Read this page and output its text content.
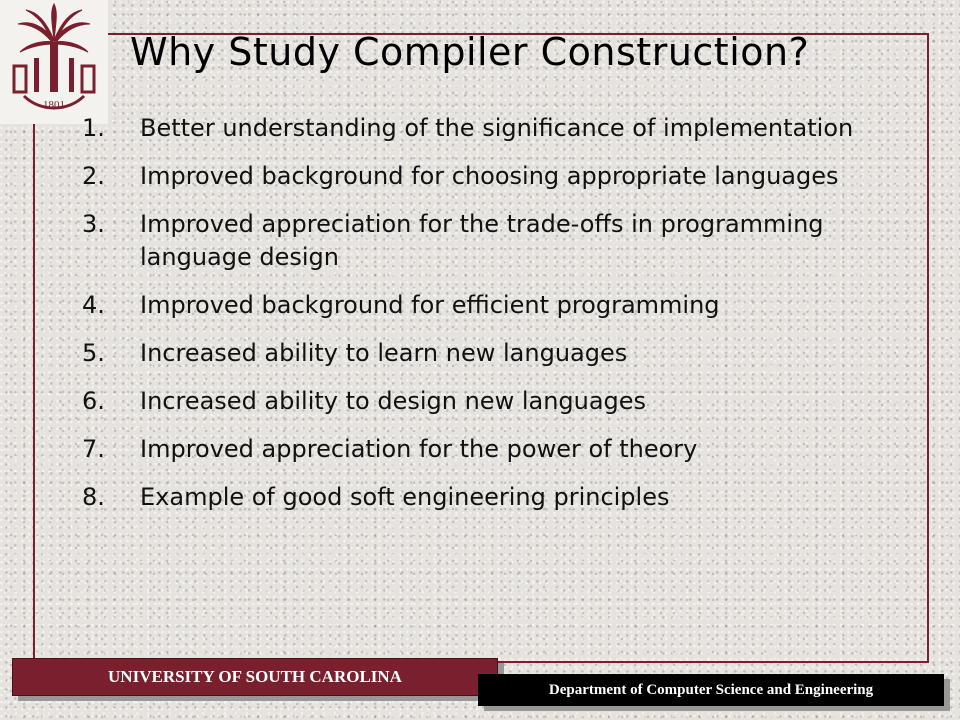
1801
Why Study Compiler Construction?
1. Better understanding of the significance of implementation
2. Improved background for choosing appropriate languages
3. Improved appreciation for the trade-offs in programming language design
4. Improved background for efficient programming
5. Increased ability to learn new languages
6. Increased ability to design new languages
7. Improved appreciation for the power of theory
8. Example of good soft engineering principles
UNIVERSITY OF SOUTH CAROLINA
Department of Computer Science and Engineering
